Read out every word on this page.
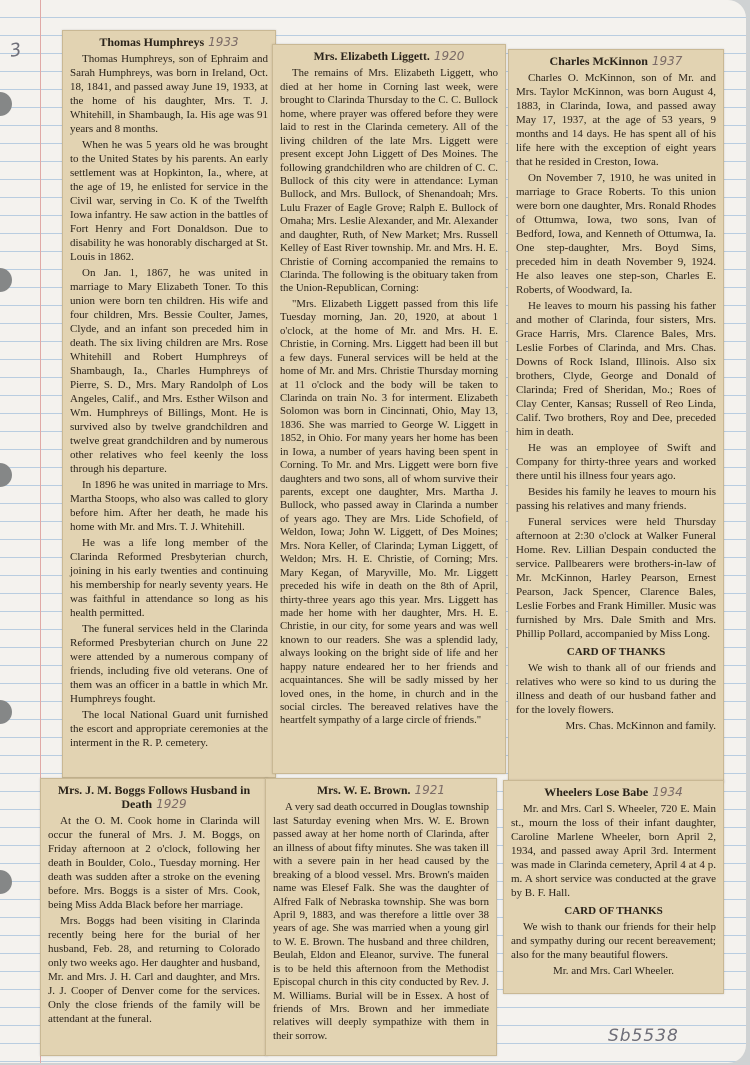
3	Thomas Humphreys 1933

Thomas Humphreys, son of Ephraim and Sarah Humphreys, was born in Ireland, Oct. 18, 1841, and passed away June 19, 1933, at the home of his daughter, Mrs. T. J. Whitehill, in Shambaugh, Ia. His age was 91 years and 8 months.

When he was 5 years old he was brought to the United States by his parents. An early settlement was at Hopkinton, Ia., where, at the age of 19, he enlisted for service in the Civil war, serving in Co. K of the Twelfth Iowa infantry. He saw action in the battles of Fort Henry and Fort Donaldson. Due to disability he was honorably discharged at St. Louis in 1862.

On Jan. 1, 1867, he was united in marriage to Mary Elizabeth Toner. To this union were born ten children. His wife and four children, Mrs. Bessie Coulter, James, Clyde, and an infant son preceded him in death. The six living children are Mrs. Rose Whitehill and Robert Humphreys of Shambaugh, Ia., Charles Humphreys of Pierre, S. D., Mrs. Mary Randolph of Los Angeles, Calif., and Mrs. Esther Wilson and Wm. Humphreys of Billings, Mont. He is survived also by twelve grandchildren and twelve great grandchildren and by numerous other relatives who feel keenly the loss through his departure.

In 1896 he was united in marriage to Mrs. Martha Stoops, who also was called to glory before him. After her death, he made his home with Mr. and Mrs. T. J. Whitehill.

He was a life long member of the Clarinda Reformed Presbyterian church, joining in his early twenties and continuing his membership for nearly seventy years. He was faithful in attendance so long as his health permitted.

The funeral services held in the Clarinda Reformed Presbyterian church on June 22 were attended by a numerous company of friends, including five old veterans. One of them was an officer in a battle in which Mr. Humphreys fought.

The local National Guard unit furnished the escort and appropriate ceremonies at the interment in the R. P. cemetery.

Mrs. Elizabeth Liggett. 1920

The remains of Mrs. Elizabeth Liggett, who died at her home in Corning last week, were brought to Clarinda Thursday to the C. C. Bullock home, where prayer was offered before they were laid to rest in the Clarinda cemetery. All of the living children of the late Mrs. Liggett were present except John Liggett of Des Moines. The following grandchildren who are children of C. C. Bullock of this city were in attendance: Lyman Bullock, and Mrs. Bullock, of Shenandoah; Mrs. Lulu Frazer of Eagle Grove; Ralph E. Bullock of Omaha; Mrs. Leslie Alexander, and Mr. Alexander and daughter, Ruth, of New Market; Mrs. Russell Kelley of East River township. Mr. and Mrs. H. E. Christie of Corning accompanied the remains to Clarinda. The following is the obituary taken from the Union-Republican, Corning:

"Mrs. Elizabeth Liggett passed from this life Tuesday morning, Jan. 20, 1920, at about 1 o'clock, at the home of Mr. and Mrs. H. E. Christie, in Corning. Mrs. Liggett had been ill but a few days. Funeral services will be held at the home of Mr. and Mrs. Christie Thursday morning at 11 o'clock and the body will be taken to Clarinda on train No. 3 for interment. Elizabeth Solomon was born in Cincinnati, Ohio, May 13, 1836. She was married to George W. Liggett in 1852, in Ohio. For many years her home has been in Iowa, a number of years having been spent in Corning. To Mr. and Mrs. Liggett were born five daughters and two sons, all of whom survive their parents, except one daughter, Mrs. Martha J. Bullock, who passed away in Clarinda a number of years ago. They are Mrs. Lide Schofield, of Weldon, Iowa; John W. Liggett, of Des Moines; Mrs. Nora Keller, of Clarinda; Lyman Liggett, of Weldon; Mrs. H. E. Christie, of Corning; Mrs. Mary Kegan, of Maryville, Mo. Mr. Liggett preceded his wife in death on the 8th of April, thirty-three years ago this year. Mrs. Liggett has made her home with her daughter, Mrs. H. E. Christie, in our city, for some years and was well known to our readers. She was a splendid lady, always looking on the bright side of life and her happy nature endeared her to her friends and acquaintances. She will be sadly missed by her loved ones, in the home, in church and in the social circles. The bereaved relatives have the heartfelt sympathy of a large circle of friends."

Charles McKinnon 1937

Charles O. McKinnon, son of Mr. and Mrs. Taylor McKinnon, was born August 4, 1883, in Clarinda, Iowa, and passed away May 17, 1937, at the age of 53 years, 9 months and 14 days. He has spent all of his life here with the exception of eight years that he resided in Creston, Iowa.

On November 7, 1910, he was united in marriage to Grace Roberts. To this union were born one daughter, Mrs. Ronald Rhodes of Ottumwa, Iowa, two sons, Ivan of Bedford, Iowa, and Kenneth of Ottumwa, Ia. One step-daughter, Mrs. Boyd Sims, preceded him in death November 9, 1924. He also leaves one step-son, Charles E. Roberts, of Woodward, Ia.

He leaves to mourn his passing his father and mother of Clarinda, four sisters, Mrs. Grace Harris, Mrs. Clarence Bales, Mrs. Leslie Forbes of Clarinda, and Mrs. Chas. Downs of Rock Island, Illinois. Also six brothers, Clyde, George and Donald of Clarinda; Fred of Sheridan, Mo.; Roes of Clay Center, Kansas; Russell of Reo Linda, Calif. Two brothers, Roy and Dee, preceded him in death.

He was an employee of Swift and Company for thirty-three years and worked there until his illness four years ago.

Besides his family he leaves to mourn his passing his relatives and many friends.

Funeral services were held Thursday afternoon at 2:30 o'clock at Walker Funeral Home. Rev. Lillian Despain conducted the service. Pallbearers were brothers-in-law of Mr. McKinnon, Harley Pearson, Ernest Pearson, Jack Spencer, Clarence Bales, Leslie Forbes and Frank Himiller. Music was furnished by Mrs. Dale Smith and Mrs. Phillip Pollard, accompanied by Miss Long.

CARD OF THANKS

We wish to thank all of our friends and relatives who were so kind to us during the illness and death of our husband father and for the lovely flowers.

Mrs. Chas. McKinnon and family.

Mrs. J. M. Boggs Follows Husband in Death 1929

At the O. M. Cook home in Clarinda will occur the funeral of Mrs. J. M. Boggs, on Friday afternoon at 2 o'clock, following her death in Boulder, Colo., Tuesday morning. Her death was sudden after a stroke on the evening before. Mrs. Boggs is a sister of Mrs. Cook, being Miss Adda Black before her marriage.

Mrs. Boggs had been visiting in Clarinda recently being here for the burial of her husband, Feb. 28, and returning to Colorado only two weeks ago. Her daughter and husband, Mr. and Mrs. J. H. Carl and daughter, and Mrs. J. J. Cooper of Denver come for the services. Only the close friends of the family will be attendant at the funeral.

Mrs. W. E. Brown. 1921

A very sad death occurred in Douglas township last Saturday evening when Mrs. W. E. Brown passed away at her home north of Clarinda, after an illness of about fifty minutes. She was taken ill with a severe pain in her head caused by the breaking of a blood vessel. Mrs. Brown's maiden name was Elesef Falk. She was the daughter of Alfred Falk of Nebraska township. She was born April 9, 1883, and was therefore a little over 38 years of age. She was married when a young girl to W. E. Brown. The husband and three children, Beulah, Eldon and Eleanor, survive. The funeral is to be held this afternoon from the Methodist Episcopal church in this city conducted by Rev. J. M. Williams. Burial will be in Essex. A host of friends of Mrs. Brown and her immediate relatives will deeply sympathize with them in their sorrow.

Wheelers Lose Babe 1934

Mr. and Mrs. Carl S. Wheeler, 720 E. Main st., mourn the loss of their infant daughter, Caroline Marlene Wheeler, born April 2, 1934, and passed away April 3rd. Interment was made in Clarinda cemetery, April 4 at 4 p. m. A short service was conducted at the grave by B. F. Hall.

CARD OF THANKS

We wish to thank our friends for their help and sympathy during our recent bereavement; also for the many beautiful flowers.

Mr. and Mrs. Carl Wheeler.

Sb5538
